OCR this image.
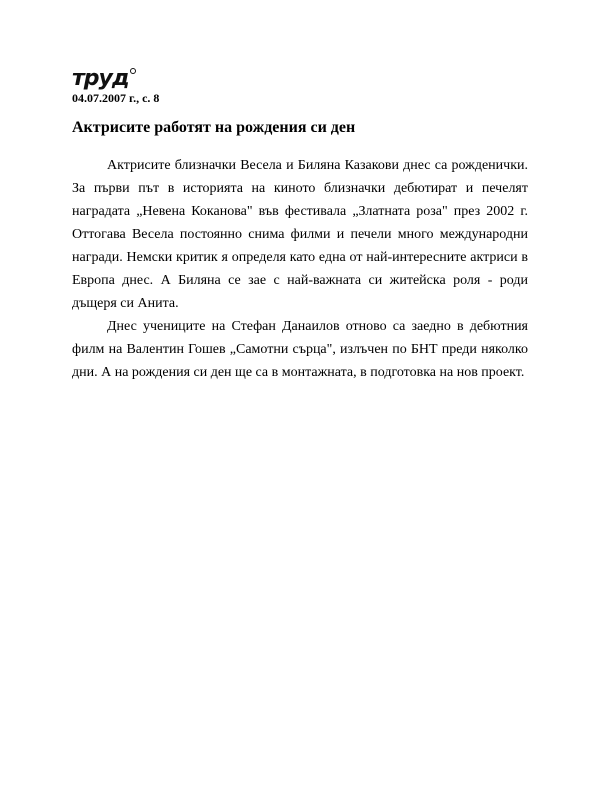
труд
04.07.2007 г., с. 8
Актрисите работят на рождения си ден

Актрисите близначки Весела и Биляна Казакови днес са рожденички. За първи път в историята на киното близначки дебютират и печелят наградата „Невена Коканова" във фестивала „Златната роза" през 2002 г. Оттогава Весела постоянно снима филми и печели много международни награди. Немски критик я определя като една от най-интересните актриси в Европа днес. А Биляна се зае с най-важната си житейска роля - роди дъщеря си Анита.

Днес учениците на Стефан Данаилов отново са заедно в дебютния филм на Валентин Гошев „Самотни сърца", излъчен по БНТ преди няколко дни. А на рождения си ден ще са в монтажната, в подготовка на нов проект.
